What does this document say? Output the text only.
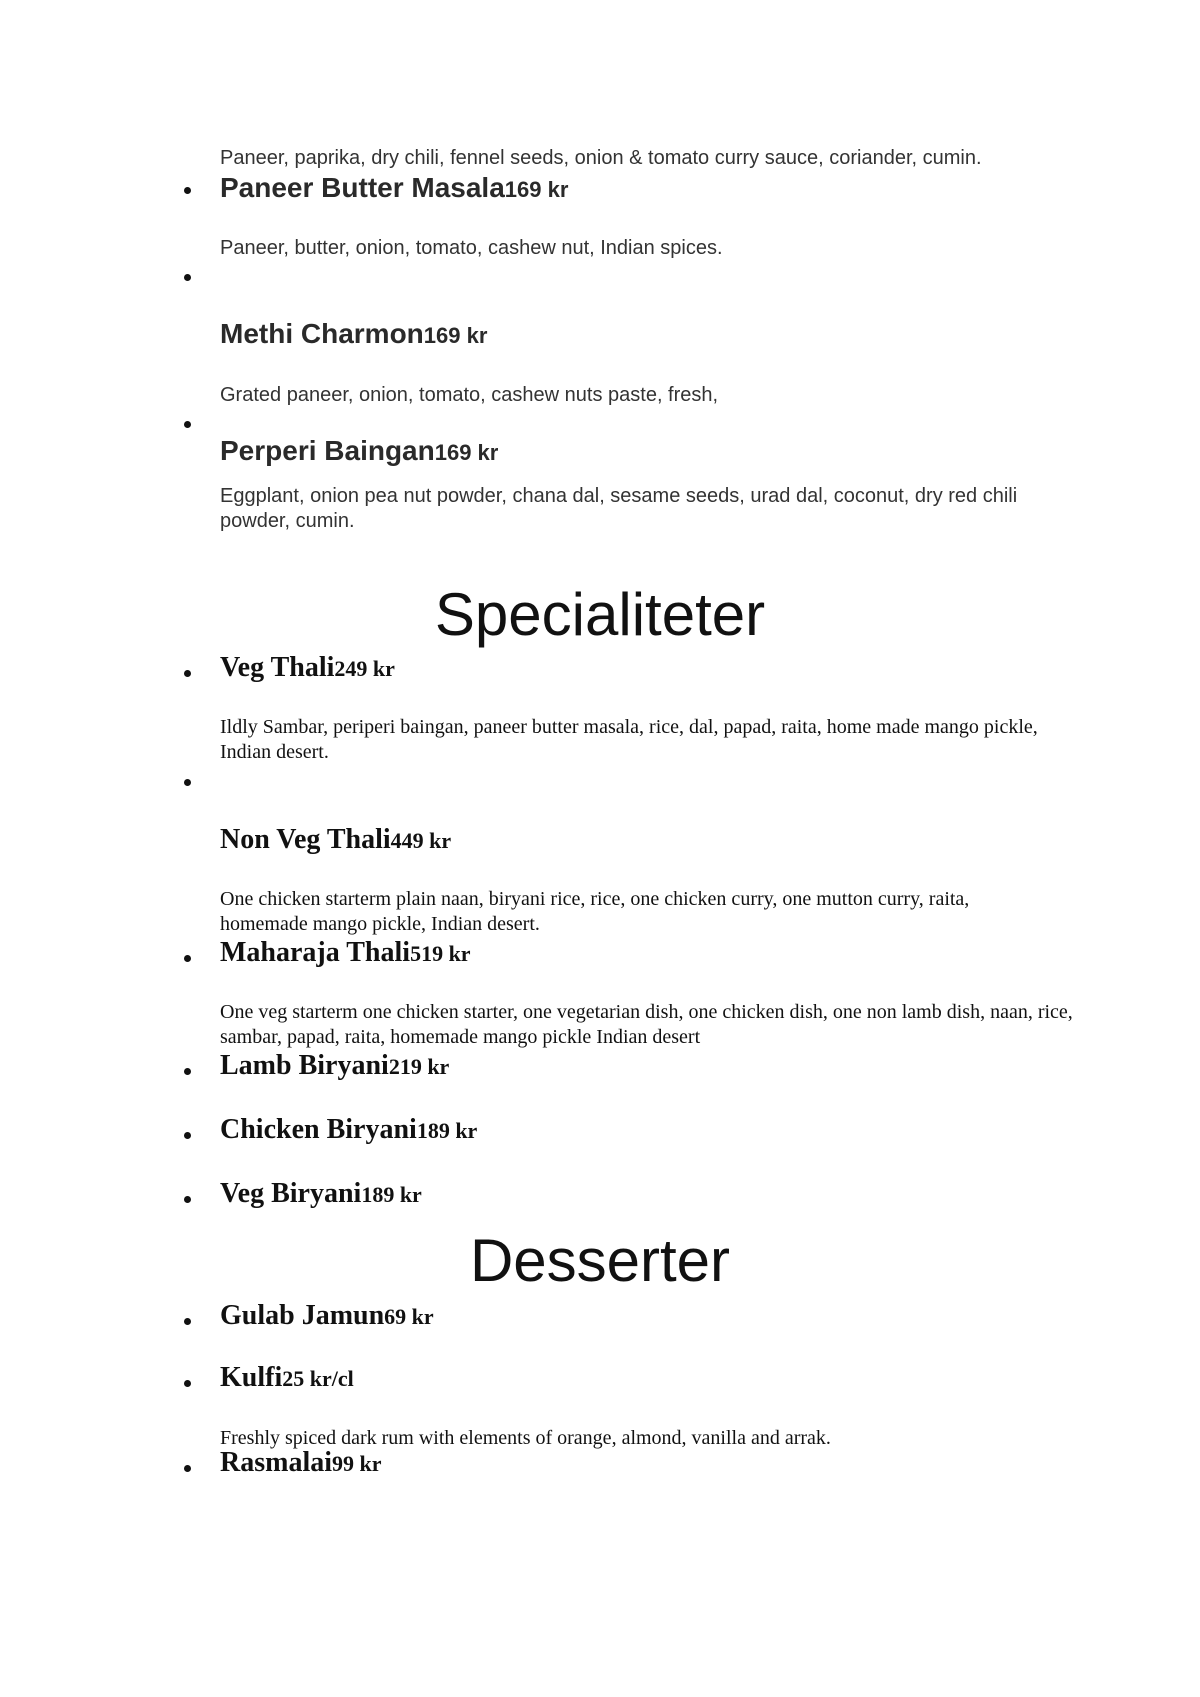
Paneer, paprika, dry chili, fennel seeds, onion & tomato curry sauce, coriander, cumin.
Paneer Butter Masala169 kr
Paneer, butter, onion, tomato, cashew nut, Indian spices.
Methi Charmon169 kr
Grated paneer, onion, tomato, cashew nuts paste, fresh,
Perperi Baingan169 kr
Eggplant, onion pea nut powder, chana dal, sesame seeds, urad dal, coconut, dry red chili powder, cumin.
Specialiteter
Veg Thali249 kr
Ildly Sambar, periperi baingan, paneer butter masala, rice, dal, papad, raita, home made mango pickle, Indian desert.
Non Veg Thali449 kr
One chicken starterm plain naan, biryani rice, rice, one chicken curry, one mutton curry, raita, homemade mango pickle, Indian desert.
Maharaja Thali519 kr
One veg starterm one chicken starter, one vegetarian dish, one chicken dish, one non lamb dish, naan, rice, sambar, papad, raita, homemade mango pickle Indian desert
Lamb Biryani219 kr
Chicken Biryani189 kr
Veg Biryani189 kr
Desserter
Gulab Jamun69 kr
Kulfi25 kr/cl
Freshly spiced dark rum with elements of orange, almond, vanilla and arrak.
Rasmalai99 kr
